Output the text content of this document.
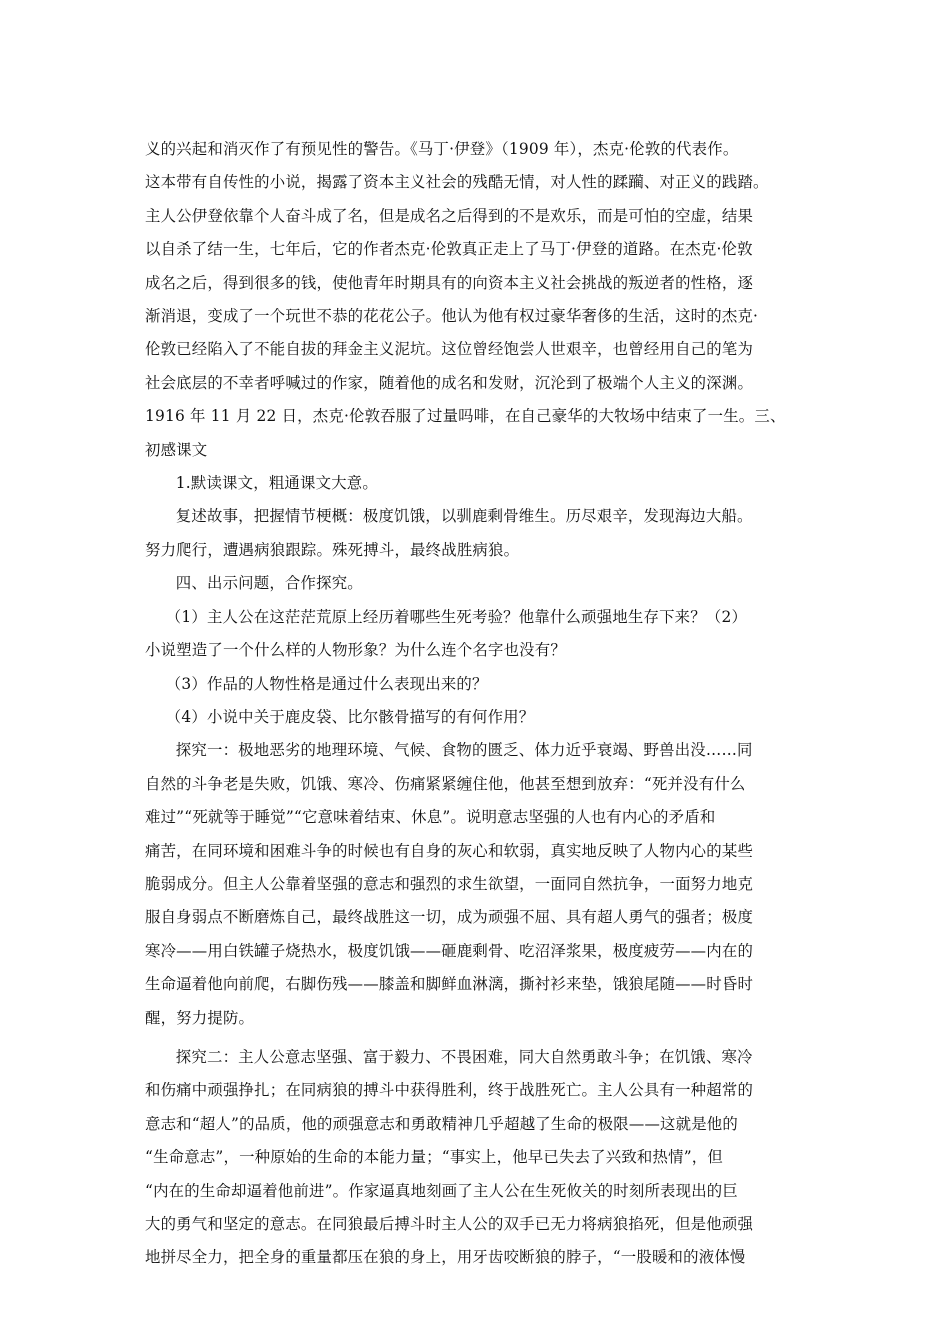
义的兴起和消灭作了有预见性的警告。《马丁·伊登》（1909 年），杰克·伦敦的代表作。
这本带有自传性的小说，揭露了资本主义社会的残酷无情，对人性的蹂躏、对正义的践踏。
主人公伊登依靠个人奋斗成了名，但是成名之后得到的不是欢乐，而是可怕的空虚，结果
以自杀了结一生，七年后，它的作者杰克·伦敦真正走上了马丁·伊登的道路。在杰克·伦敦
成名之后，得到很多的钱，使他青年时期具有的向资本主义社会挑战的叛逆者的性格，逐
渐消退，变成了一个玩世不恭的花花公子。他认为他有权过豪华奢侈的生活，这时的杰克·
伦敦已经陷入了不能自拔的拜金主义泥坑。这位曾经饱尝人世艰辛，也曾经用自己的笔为
社会底层的不幸者呼喊过的作家，随着他的成名和发财，沉沦到了极端个人主义的深渊。
1916 年 11 月 22 日，杰克·伦敦吞服了过量吗啡，在自己豪华的大牧场中结束了一生。三、
初感课文

1.默读课文，粗通课文大意。

复述故事，把握情节梗概：极度饥饿，以驯鹿剩骨维生。历尽艰辛，发现海边大船。
努力爬行，遭遇病狼跟踪。殊死搏斗，最终战胜病狼。

四、出示问题，合作探究。

（1）主人公在这茫茫荒原上经历着哪些生死考验？他靠什么顽强地生存下来？（2）
小说塑造了一个什么样的人物形象？为什么连个名字也没有？

（3）作品的人物性格是通过什么表现出来的？

（4）小说中关于鹿皮袋、比尔骸骨描写的有何作用？

探究一：极地恶劣的地理环境、气候、食物的匮乏、体力近乎衰竭、野兽出没……同
自然的斗争老是失败，饥饿、寒冷、伤痛紧紧缠住他，他甚至想到放弃：“死并没有什么
难过”“死就等于睡觉”“它意味着结束、休息”。说明意志坚强的人也有内心的矛盾和
痛苦，在同环境和困难斗争的时候也有自身的灰心和软弱，真实地反映了人物内心的某些
脆弱成分。但主人公靠着坚强的意志和强烈的求生欲望，一面同自然抗争，一面努力地克
服自身弱点不断磨炼自己，最终战胜这一切，成为顽强不屈、具有超人勇气的强者；极度
寒冷——用白铁罐子烧热水，极度饥饿——砸鹿剩骨、吃沼泽浆果，极度疲劳——内在的
生命逼着他向前爬，右脚伤残——膝盖和脚鲜血淋漓，撕衬衫来垫，饿狼尾随——时昏时
醒，努力提防。

探究二：主人公意志坚强、富于毅力、不畏困难，同大自然勇敢斗争；在饥饿、寒冷
和伤痛中顽强挣扎；在同病狼的搏斗中获得胜利，终于战胜死亡。主人公具有一种超常的
意志和“超人”的品质，他的顽强意志和勇敢精神几乎超越了生命的极限——这就是他的
“生命意志”，一种原始的生命的本能力量；“事实上，他早已失去了兴致和热情”，但
“内在的生命却逼着他前进”。作家逼真地刻画了主人公在生死攸关的时刻所表现出的巨
大的勇气和坚定的意志。在同狼最后搏斗时主人公的双手已无力将病狼掐死，但是他顽强
地拼尽全力，把全身的重量都压在狼的身上，用牙齿咬断狼的脖子，“一股暖和的液体慢
